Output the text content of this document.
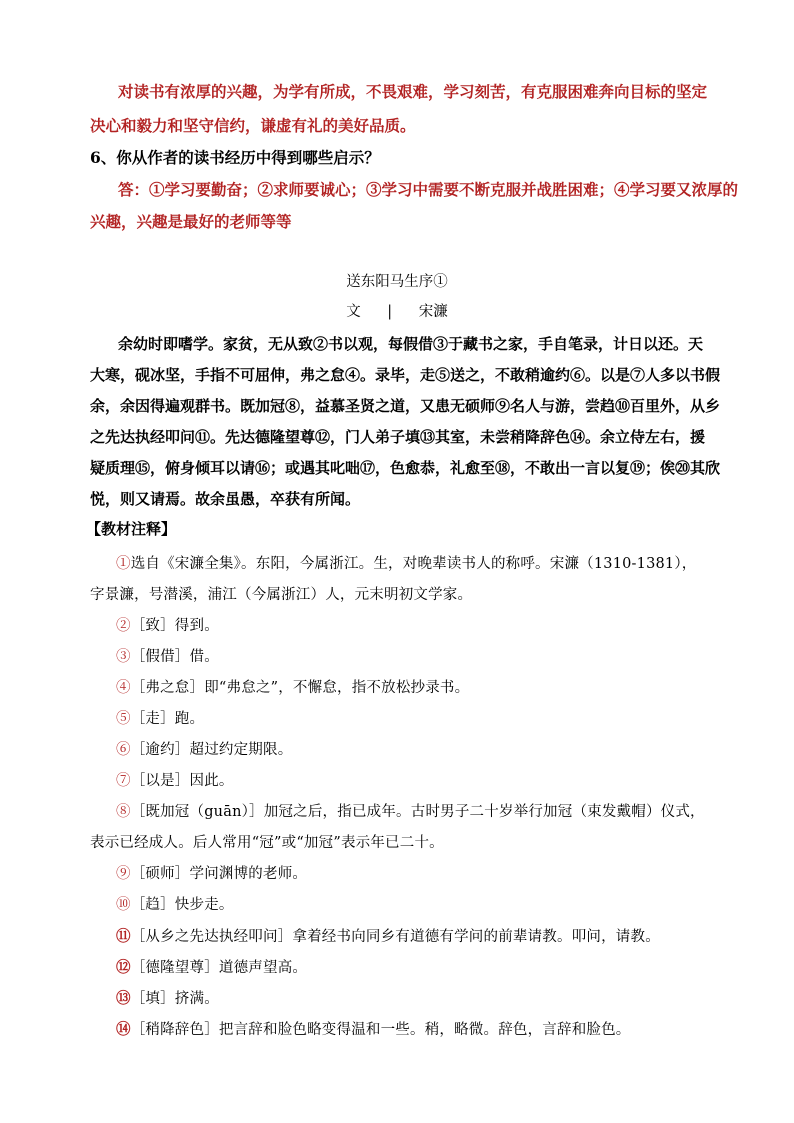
对读书有浓厚的兴趣，为学有所成，不畏艰难，学习刻苦，有克服困难奔向目标的坚定
决心和毅力和坚守信约，谦虚有礼的美好品质。
6、你从作者的读书经历中得到哪些启示？
答：①学习要勤奋；②求师要诚心；③学习中需要不断克服并战胜困难；④学习要又浓厚的
兴趣，兴趣是最好的老师等等
送东阳马生序①
文 | 宋濂
余幼时即嗜学。家贫，无从致②书以观，每假借③于藏书之家，手自笔录，计日以还。天
大寒，砚冰坚，手指不可屈伸，弗之怠④。录毕，走⑤送之，不敢稍逾约⑥。以是⑦人多以书假
余，余因得遍观群书。既加冠⑧，益慕圣贤之道，又患无硕师⑨名人与游，尝趋⑩百里外，从乡
之先达执经叩问⑪。先达德隆望尊⑫，门人弟子填⑬其室，未尝稍降辞色⑭。余立侍左右，援
疑质理⑮，俯身倾耳以请⑯；或遇其叱咄⑰，色愈恭，礼愈至⑱，不敢出一言以复⑲；俟⑳其欣
悦，则又请焉。故余虽愚，卒获有所闻。
【教材注释】
①选自《宋濂全集》。东阳，今属浙江。生，对晚辈读书人的称呼。宋濂（1310-1381），
字景濂，号潜溪，浦江（今属浙江）人，元末明初文学家。
②［致］得到。
③［假借］借。
④［弗之怠］即“弗怠之”，不懈怠，指不放松抄录书。
⑤［走］跑。
⑥［逾约］超过约定期限。
⑦［以是］因此。
⑧［既加冠（guān）］加冠之后，指已成年。古时男子二十岁举行加冠（束发戴帽）仪式，
表示已经成人。后人常用“冠”或“加冠”表示年已二十。
⑨［硕师］学问渊博的老师。
⑩［趋］快步走。
⑪［从乡之先达执经叩问］拿着经书向同乡有道德有学问的前辈请教。叩问，请教。
⑫［德隆望尊］道德声望高。
⑬［填］挤满。
⑭［稍降辞色］把言辞和脸色略变得温和一些。稍，略微。辞色，言辞和脸色。
